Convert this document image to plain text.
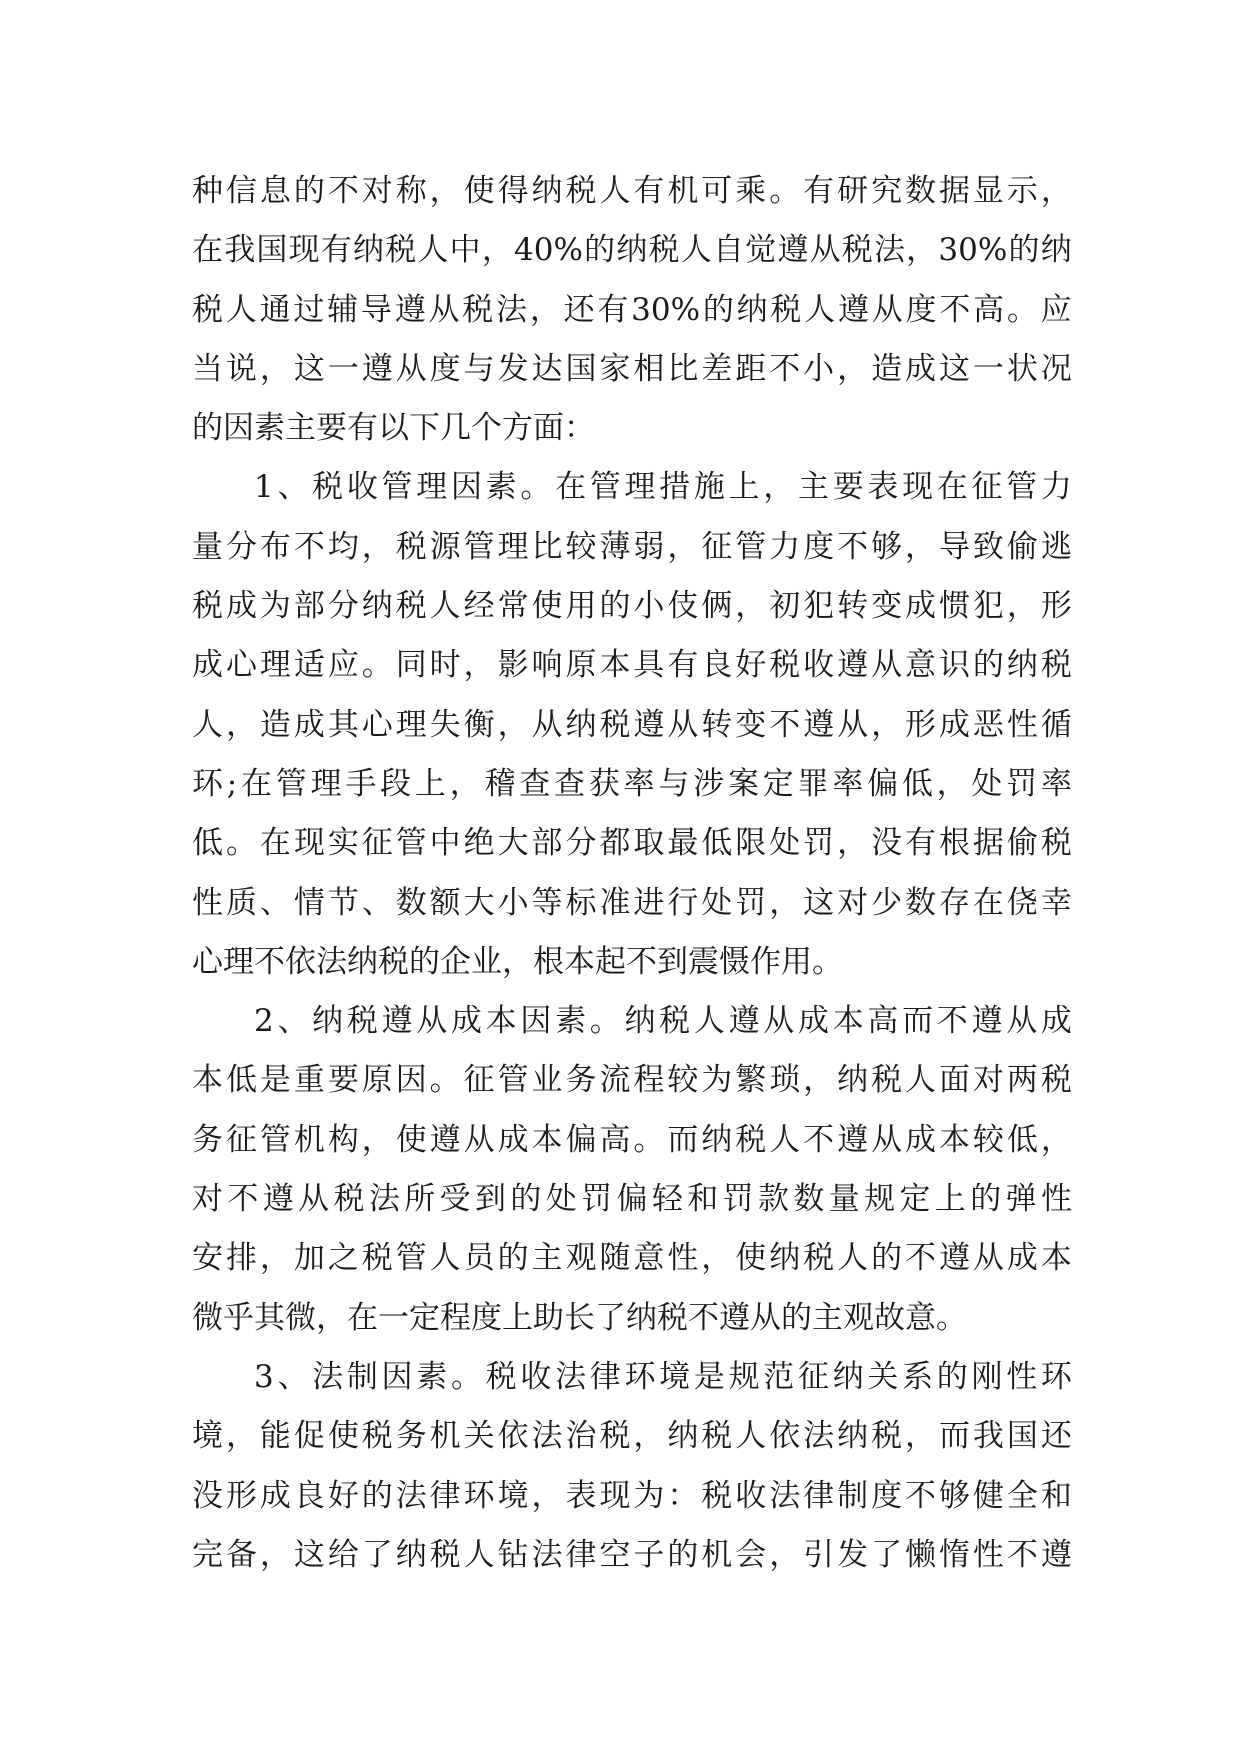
种 信 息 的 不 对 称 ， 使 得 纳 税 人 有 机 可 乘 。 有 研 究 数 据 显 示 ，
在 我 国 现 有 纳 税 人 中 ， 40% 的 纳 税 人 自 觉 遵 从 税 法 ， 30% 的 纳
税 人 通 过 辅 导 遵 从 税 法 ， 还 有 30% 的 纳 税 人 遵 从 度 不 高 。 应
当 说 ， 这 一 遵 从 度 与 发 达 国 家 相 比 差 距 不 小 ， 造 成 这 一 状 况
的因素主要有以下几个方面：
1 、 税 收 管 理 因 素 。 在 管 理 措 施 上 ， 主 要 表 现 在 征 管 力
量 分 布 不 均 ， 税 源 管 理 比 较 薄 弱 ， 征 管 力 度 不 够 ， 导 致 偷 逃
税 成 为 部 分 纳 税 人 经 常 使 用 的 小 伎 俩 ， 初 犯 转 变 成 惯 犯 ， 形
成 心 理 适 应 。 同 时 ， 影 响 原 本 具 有 良 好 税 收 遵 从 意 识 的 纳 税
人 ， 造 成 其 心 理 失 衡 ， 从 纳 税 遵 从 转 变 不 遵 从 ， 形 成 恶 性 循
环 ; 在 管 理 手 段 上 ， 稽 查 查 获 率 与 涉 案 定 罪 率 偏 低 ， 处 罚 率
低 。 在 现 实 征 管 中 绝 大 部 分 都 取 最 低 限 处 罚 ， 没 有 根 据 偷 税
性 质 、 情 节 、 数 额 大 小 等 标 准 进 行 处 罚 ， 这 对 少 数 存 在 侥 幸
心理不依法纳税的企业，根本起不到震慑作用。
2 、 纳 税 遵 从 成 本 因 素 。 纳 税 人 遵 从 成 本 高 而 不 遵 从 成
本 低 是 重 要 原 因 。 征 管 业 务 流 程 较 为 繁 琐 ， 纳 税 人 面 对 两 税
务 征 管 机 构 ， 使 遵 从 成 本 偏 高 。 而 纳 税 人 不 遵 从 成 本 较 低 ，
对 不 遵 从 税 法 所 受 到 的 处 罚 偏 轻 和 罚 款 数 量 规 定 上 的 弹 性
安 排 ， 加 之 税 管 人 员 的 主 观 随 意 性 ， 使 纳 税 人 的 不 遵 从 成 本
微乎其微，在一定程度上助长了纳税不遵从的主观故意。
3 、 法 制 因 素 。 税 收 法 律 环 境 是 规 范 征 纳 关 系 的 刚 性 环
境 ， 能 促 使 税 务 机 关 依 法 治 税 ， 纳 税 人 依 法 纳 税 ， 而 我 国 还
没 形 成 良 好 的 法 律 环 境 ， 表 现 为 ： 税 收 法 律 制 度 不 够 健 全 和
完 备 ， 这 给 了 纳 税 人 钻 法 律 空 子 的 机 会 ， 引 发 了 懒 惰 性 不 遵
